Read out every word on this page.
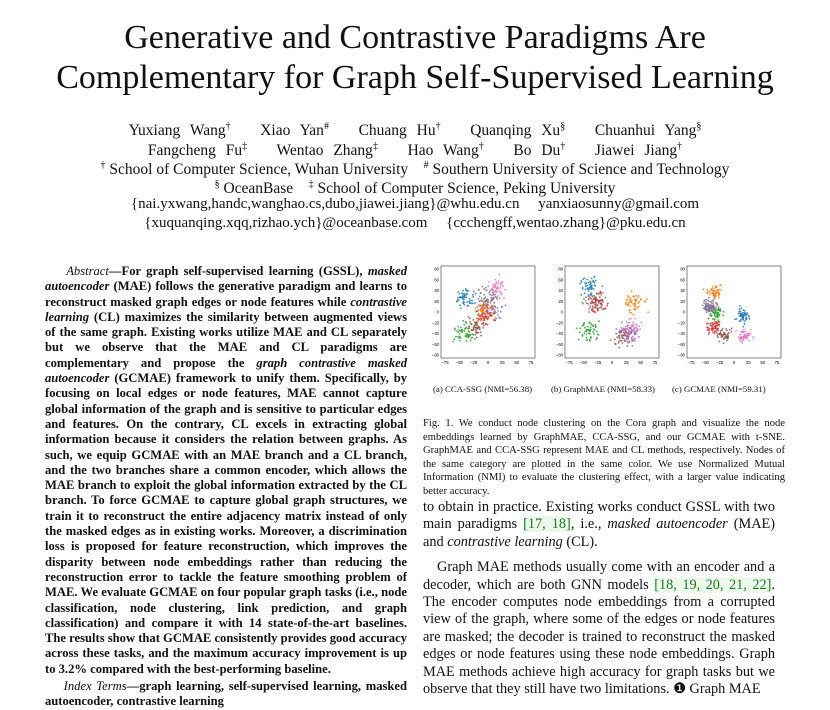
Generative and Contrastive Paradigms Are
Complementary for Graph Self-Supervised Learning
Yuxiang Wang† Xiao Yan# Chuang Hu† Quanqing Xu§ Chuanhui Yang§
Fangcheng Fu‡ Wentao Zhang‡ Hao Wang† Bo Du† Jiawei Jiang†
† School of Computer Science, Wuhan University # Southern University of Science and Technology
§ OceanBase ‡ School of Computer Science, Peking University
{nai.yxwang,handc,wanghao.cs,dubo,jiawei.jiang}@whu.edu.cn yanxiaosunny@gmail.com
{xuquanqing.xqq,rizhao.ych}@oceanbase.com {ccchengff,wentao.zhang}@pku.edu.cn
Abstract—For graph self-supervised learning (GSSL), masked autoencoder (MAE) follows the generative paradigm and learns to reconstruct masked graph edges or node features while contrastive learning (CL) maximizes the similarity between augmented views of the same graph. Existing works utilize MAE and CL separately but we observe that the MAE and CL paradigms are complementary and propose the graph contrastive masked autoencoder (GCMAE) framework to unify them. Specifically, by focusing on local edges or node features, MAE cannot capture global information of the graph and is sensitive to particular edges and features. On the contrary, CL excels in extracting global information because it considers the relation between graphs. As such, we equip GCMAE with an MAE branch and a CL branch, and the two branches share a common encoder, which allows the MAE branch to exploit the global information extracted by the CL branch. To force GCMAE to capture global graph structures, we train it to reconstruct the entire adjacency matrix instead of only the masked edges as in existing works. Moreover, a discrimination loss is proposed for feature reconstruction, which improves the disparity between node embeddings rather than reducing the reconstruction error to tackle the feature smoothing problem of MAE. We evaluate GCMAE on four popular graph tasks (i.e., node classification, node clustering, link prediction, and graph classification) and compare it with 14 state-of-the-art baselines. The results show that GCMAE consistently provides good accuracy across these tasks, and the maximum accuracy improvement is up to 3.2% compared with the best-performing baseline.
Index Terms—graph learning, self-supervised learning, masked autoencoder, contrastive learning
80
60
40
20
0
−20
−40
−60
−80
−75 −50 −25 0	25 50 75
80
60
40
20
0
−20
−40
−60
−80
−75 −50 −25 0	25 50 75
80
60
40
20
0
−20
−40
−60
−80
−75 −50 −25 0	25 50 75
(a) CCA-SSG (NMI=56.38) (b) GraphMAE (NMI=58.33) (c) GCMAE (NMI=59.31)
Fig. 1. We conduct node clustering on the Cora graph and visualize the node embeddings learned by GraphMAE, CCA-SSG, and our GCMAE with t-SNE. GraphMAE and CCA-SSG represent MAE and CL methods, respectively. Nodes of the same category are plotted in the same color. We use Normalized Mutual Information (NMI) to evaluate the clustering effect, with a larger value indicating better accuracy.

to obtain in practice. Existing works conduct GSSL with two main paradigms [17, 18], i.e., masked autoencoder (MAE) and contrastive learning (CL).

Graph MAE methods usually come with an encoder and a decoder, which are both GNN models [18, 19, 20, 21, 22]. The encoder computes node embeddings from a corrupted view of the graph, where some of the edges or node features are masked; the decoder is trained to reconstruct the masked edges or node features using these node embeddings. Graph MAE methods achieve high accuracy for graph tasks but we observe that they still have two limitations. ❶ Graph MAE
